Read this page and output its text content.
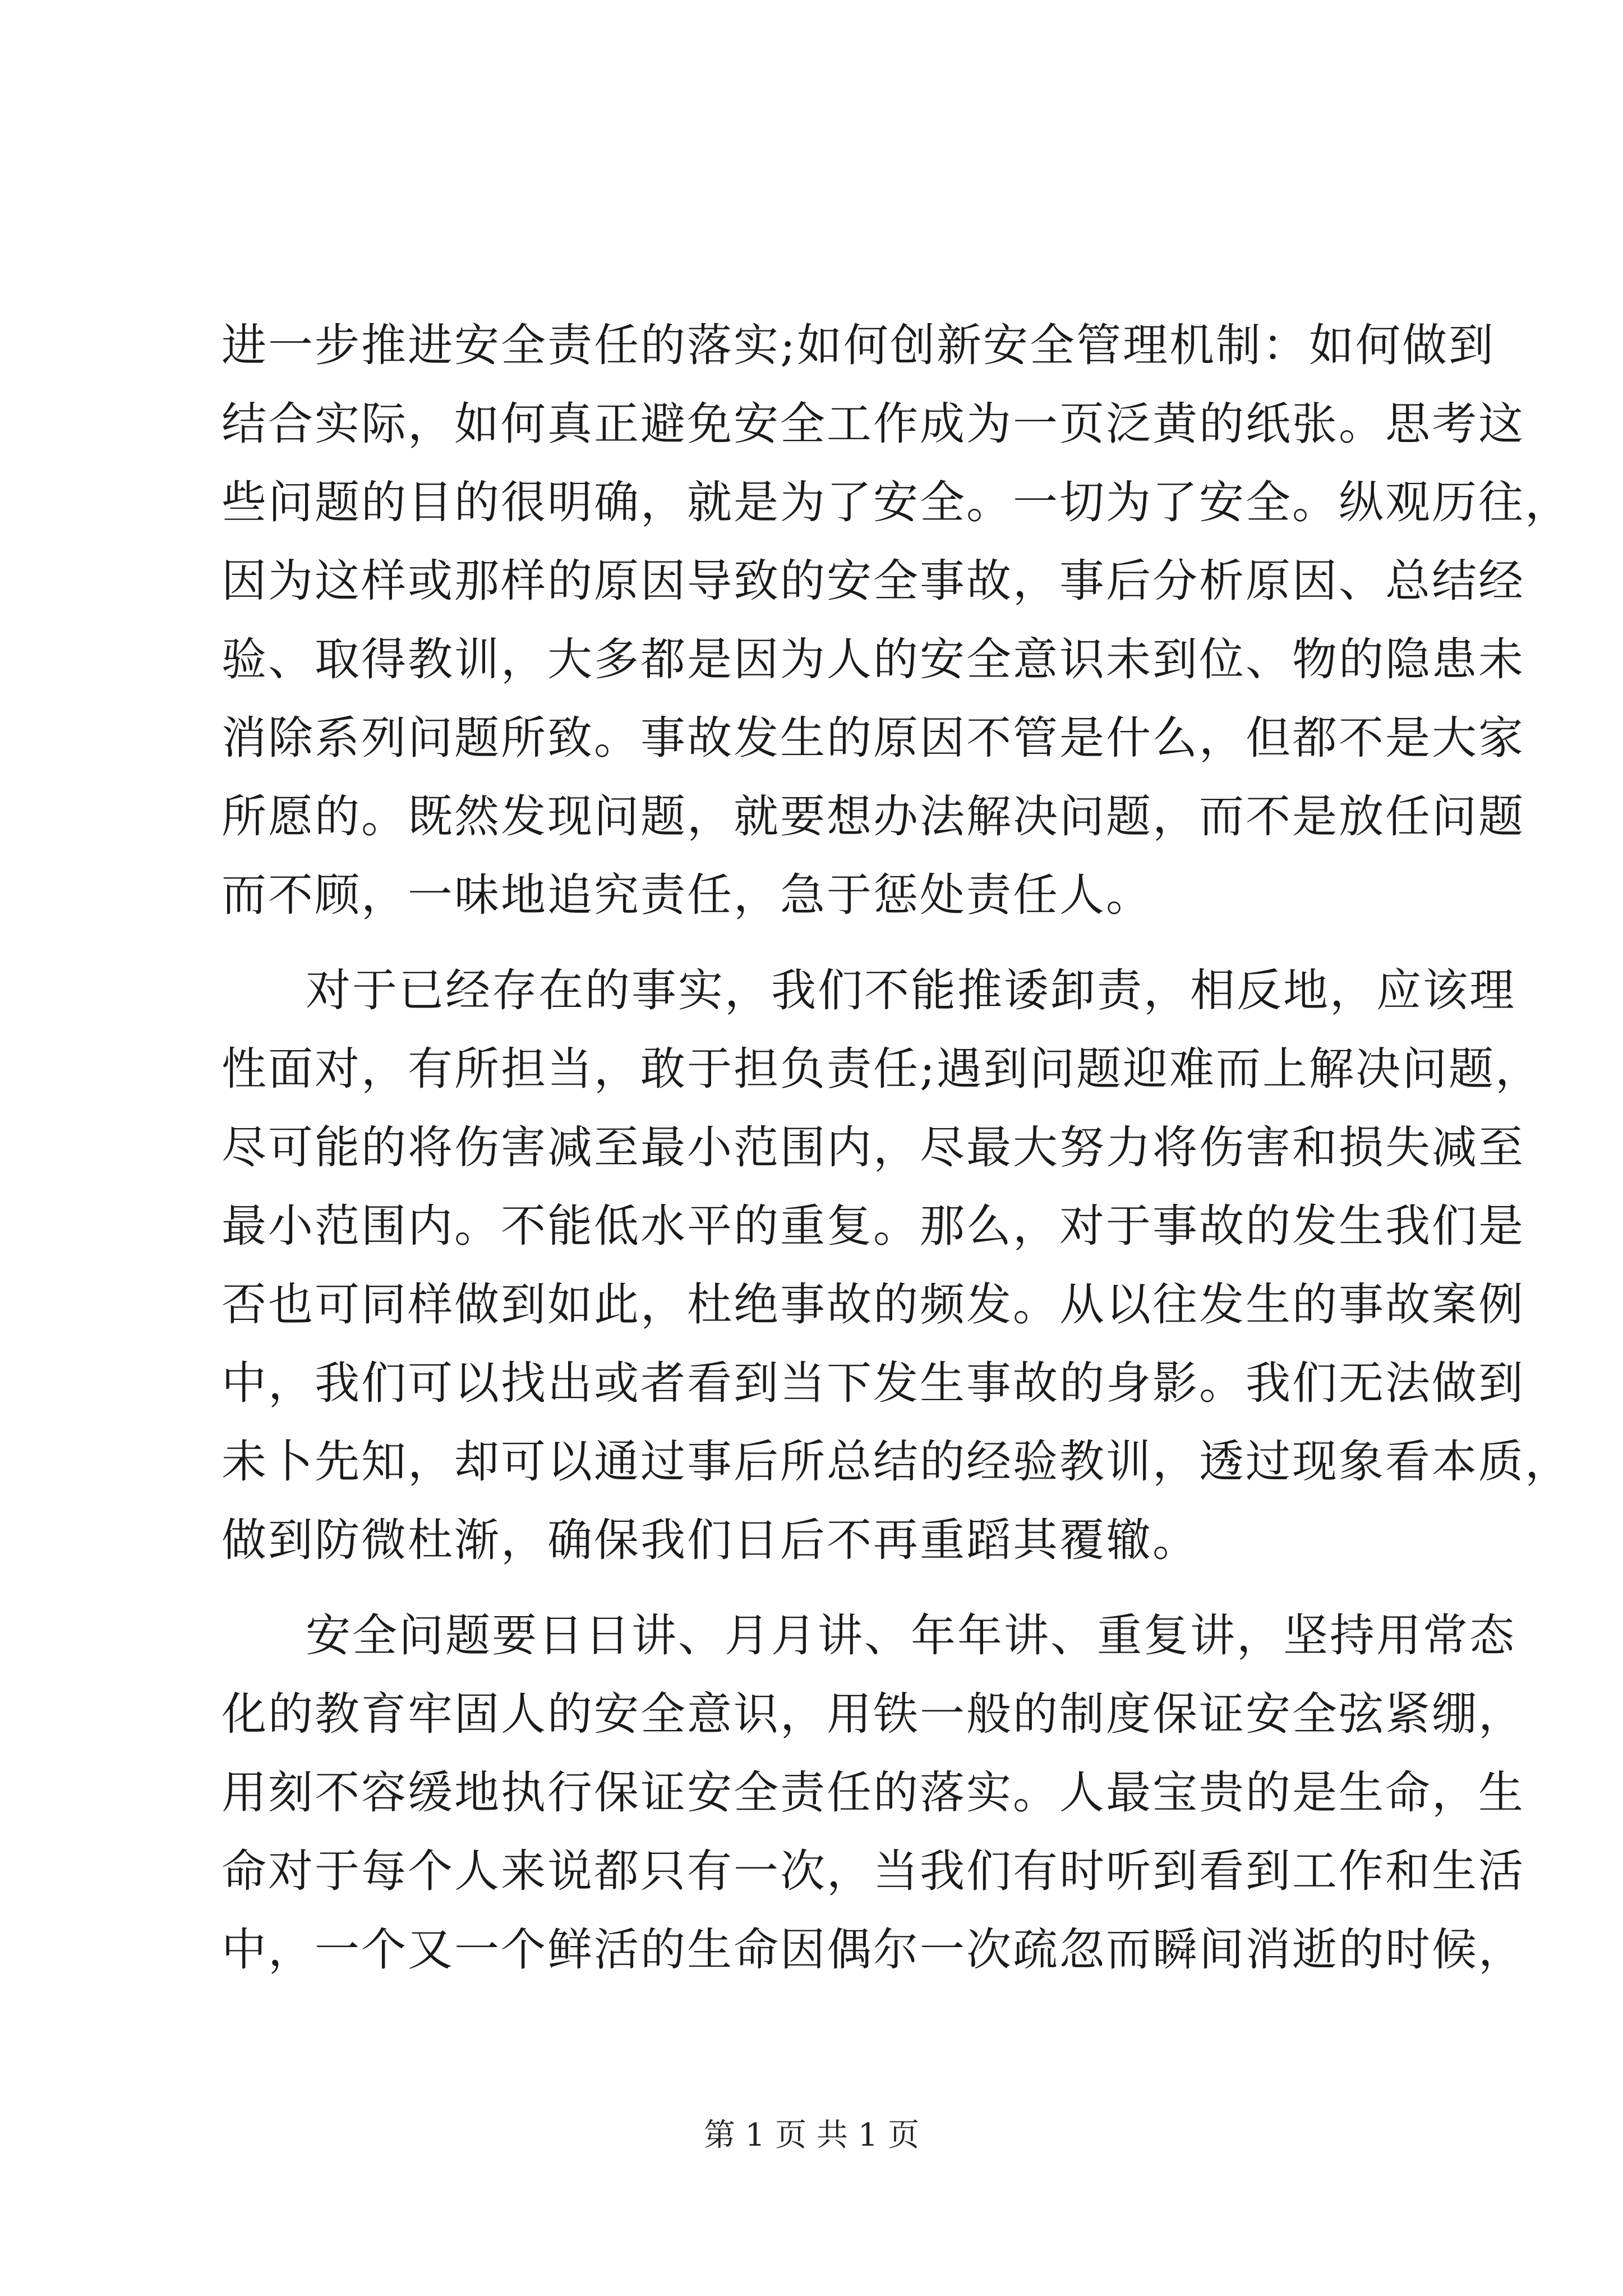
进一步推进安全责任的落实;如何创新安全管理机制：如何做到
结合实际，如何真正避免安全工作成为一页泛黄的纸张。思考这
些问题的目的很明确，就是为了安全。一切为了安全。纵观历往，
因为这样或那样的原因导致的安全事故，事后分析原因、总结经
验、取得教训，大多都是因为人的安全意识未到位、物的隐患未
消除系列问题所致。事故发生的原因不管是什么，但都不是大家
所愿的。既然发现问题，就要想办法解决问题，而不是放任问题
而不顾，一味地追究责任，急于惩处责任人。
对于已经存在的事实，我们不能推诿卸责，相反地，应该理
性面对，有所担当，敢于担负责任;遇到问题迎难而上解决问题，
尽可能的将伤害减至最小范围内，尽最大努力将伤害和损失减至
最小范围内。不能低水平的重复。那么，对于事故的发生我们是
否也可同样做到如此，杜绝事故的频发。从以往发生的事故案例
中，我们可以找出或者看到当下发生事故的身影。我们无法做到
未卜先知，却可以通过事后所总结的经验教训，透过现象看本质，
做到防微杜渐，确保我们日后不再重蹈其覆辙。
安全问题要日日讲、月月讲、年年讲、重复讲，坚持用常态
化的教育牢固人的安全意识，用铁一般的制度保证安全弦紧绷，
用刻不容缓地执行保证安全责任的落实。人最宝贵的是生命，生
命对于每个人来说都只有一次，当我们有时听到看到工作和生活
中，一个又一个鲜活的生命因偶尔一次疏忽而瞬间消逝的时候，
第 1 页 共 1 页
